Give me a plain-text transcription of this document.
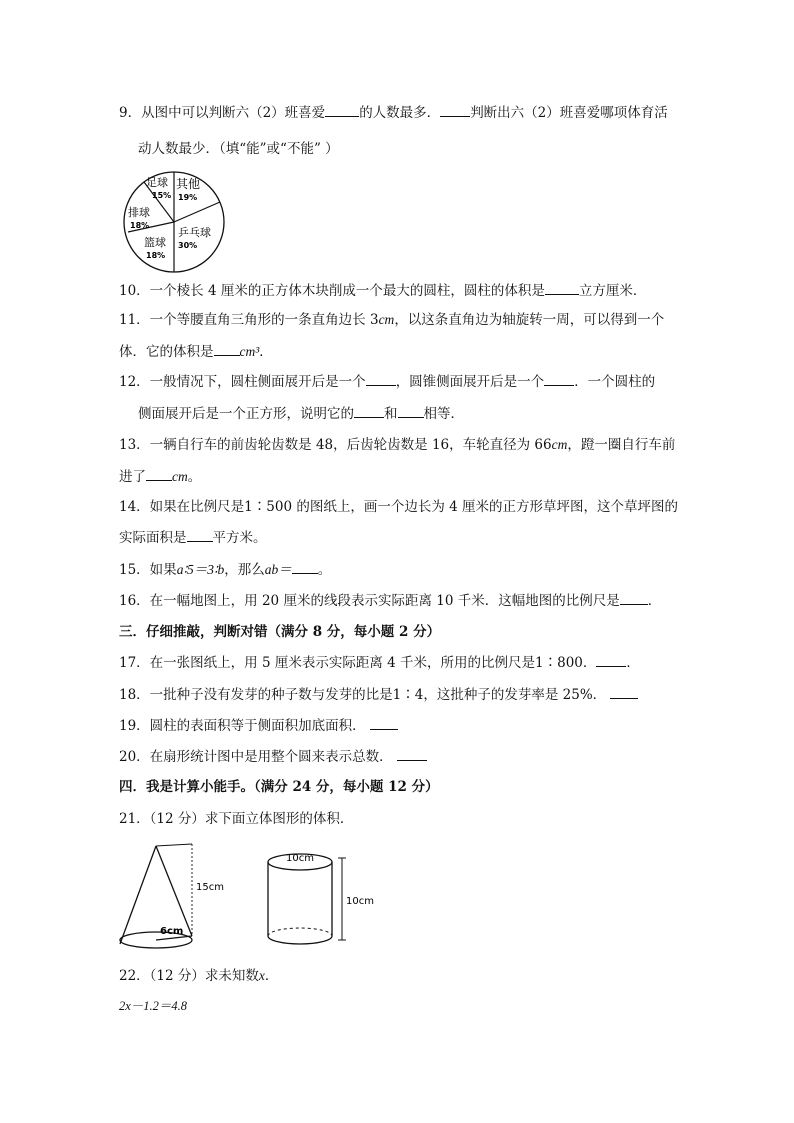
9．从图中可以判断六（2）班喜爱	的人数最多． 判断出六（2）班喜爱哪项体育活
动人数最少．（填“能”或“不能” ）
足球
15%
其他
19%
乒乓球
30%
篮球
18%
排球
18%
10．一个棱长 4 厘米的正方体木块削成一个最大的圆柱，圆柱的体积是	立方厘米．
11．一个等腰直角三角形的一条直角边长 3cm，以这条直角边为轴旋转一周，可以得到一个
体．它的体积是 cm³．
12．一般情况下，圆柱侧面展开后是一个 ，圆锥侧面展开后是一个 ．一个圆柱的
侧面展开后是一个正方形，说明它的 和 相等．
13．一辆自行车的前齿轮齿数是 48，后齿轮齿数是 16，车轮直径为 66cm，蹬一圈自行车前
进了 cm。
14．如果在比例尺是1∶500 的图纸上，画一个边长为 4 厘米的正方形草坪图，这个草坪图的
实际面积是 平方米。
15．如果a∶5＝3∶b，那么ab＝ 。
16．在一幅地图上，用 20 厘米的线段表示实际距离 10 千米．这幅地图的比例尺是 ．
三．仔细推敲，判断对错（满分 8 分，每小题 2 分）
17．在一张图纸上，用 5 厘米表示实际距离 4 千米，所用的比例尺是1∶800． ．
18．一批种子没有发芽的种子数与发芽的比是1∶4，这批种子的发芽率是 25%．
19．圆柱的表面积等于侧面积加底面积．
20．在扇形统计图中是用整个圆来表示总数．
四．我是计算小能手。（满分 24 分，每小题 12 分）
21．（12 分）求下面立体图形的体积．
15cm
6cm
10cm
10cm
22．（12 分）求未知数x．
2x－1.2＝4.8
